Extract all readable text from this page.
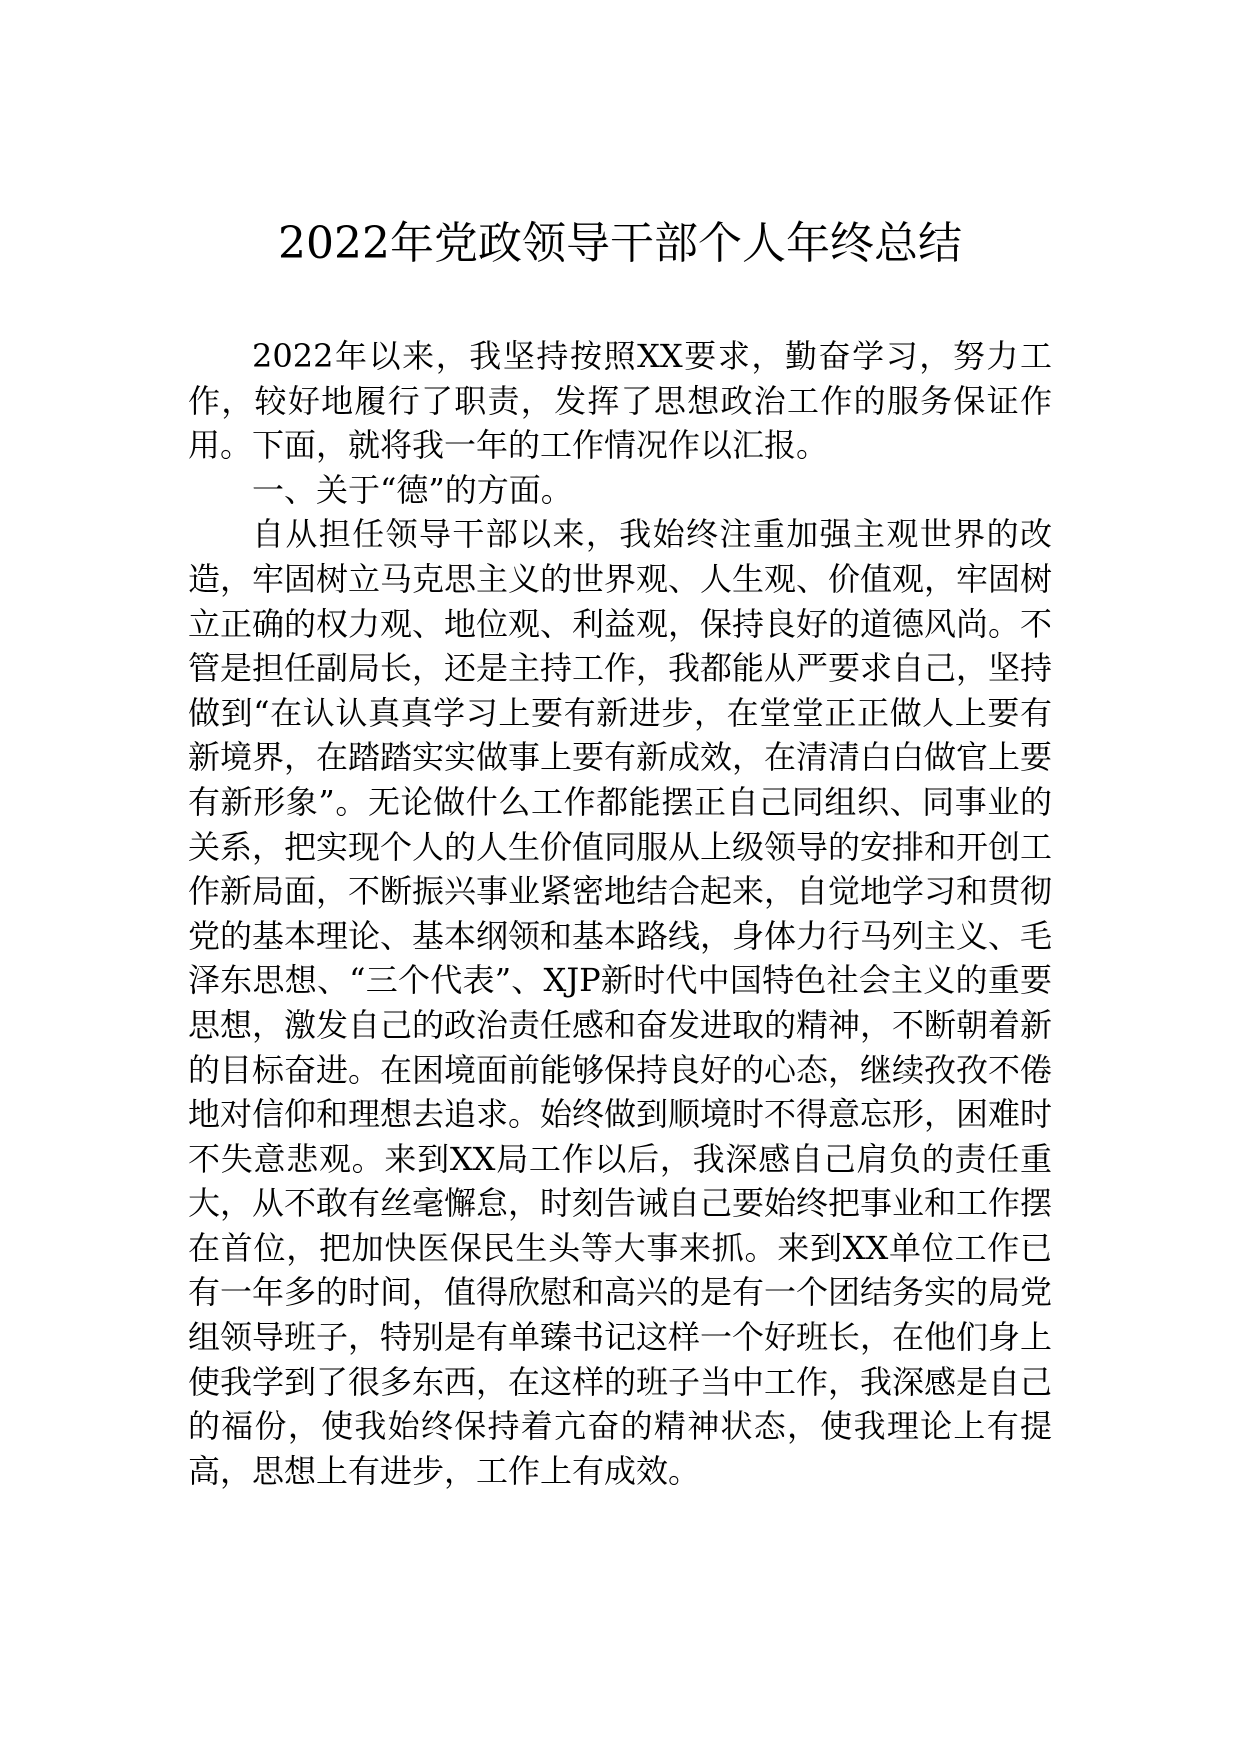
2022年党政领导干部个人年终总结

2022年以来，我坚持按照XX要求，勤奋学习，努力工作，较好地履行了职责，发挥了思想政治工作的服务保证作用。下面，就将我一年的工作情况作以汇报。

一、关于“德”的方面。

自从担任领导干部以来，我始终注重加强主观世界的改造，牢固树立马克思主义的世界观、人生观、价值观，牢固树立正确的权力观、地位观、利益观，保持良好的道德风尚。不管是担任副局长，还是主持工作，我都能从严要求自己，坚持做到“在认认真真学习上要有新进步，在堂堂正正做人上要有新境界，在踏踏实实做事上要有新成效，在清清白白做官上要有新形象”。无论做什么工作都能摆正自己同组织、同事业的关系，把实现个人的人生价值同服从上级领导的安排和开创工作新局面，不断振兴事业紧密地结合起来，自觉地学习和贯彻党的基本理论、基本纲领和基本路线，身体力行马列主义、毛泽东思想、“三个代表”、XJP新时代中国特色社会主义的重要思想，激发自己的政治责任感和奋发进取的精神，不断朝着新的目标奋进。在困境面前能够保持良好的心态，继续孜孜不倦地对信仰和理想去追求。始终做到顺境时不得意忘形，困难时不失意悲观。来到XX局工作以后，我深感自己肩负的责任重大，从不敢有丝毫懈怠，时刻告诫自己要始终把事业和工作摆在首位，把加快医保民生头等大事来抓。来到XX单位工作已有一年多的时间，值得欣慰和高兴的是有一个团结务实的局党组领导班子，特别是有单臻书记这样一个好班长，在他们身上使我学到了很多东西，在这样的班子当中工作，我深感是自己的福份，使我始终保持着亢奋的精神状态，使我理论上有提高，思想上有进步，工作上有成效。
